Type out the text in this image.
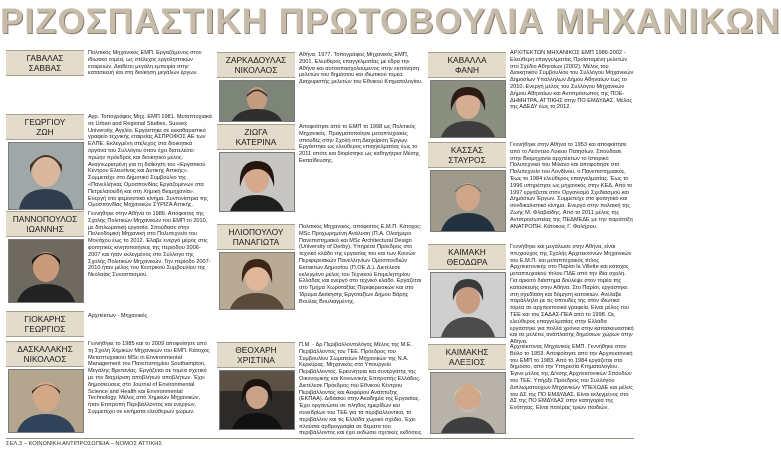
ΡΙΖΟΣΠΑΣΤΙΚΗ ΠΡΩΤΟΒΟΥΛΙΑ ΜΗΧΑΝΙΚΩΝ
ΓΑΒΑΛΑΣ
ΣΑΒΒΑΣ
Πολιτικός Μηχανικός ΕΜΠ. Εργαζόμενος στον ιδιωτικό τομέα, ως στέλεχος εργοληπτικών εταιρειών. Διαθέτει μεγάλη εμπειρία στην κατασκευή και στη διοίκηση μεγάλων έργων.
ΓΕΩΡΓΙΟΥ
ΖΩΗ
Αγρ. Τοπογράφος Μηχ. ΕΜΠ 1981. Μεταπτυχιακά σε Urban and Regional Studies, Sussex University, Αγγλία. Εργάστηκε σε εκκαθαριστικό γραφείο τεχνικής εταιρείας ΑΣΠΡΟΦΟΣ ΑΕ των ΕΛΠΕ. Εκλεγμένη στέλεχος στα διοικητικά όργανα του Συλλόγου όπου έχει διατελέσει: πρώην πρόεδρος και διοικητικό μέλος. Αναγνωρισμένη για τη διοίκηση του «Εργατικού Κέντρου Ελευσίνας και Δυτικής Αττικής». Συμμετείχε στο Δημοτικό Συμβούλιο της «Πανελλήνιας Ομοσπονδίας Εργαζομένων στα Πετρελαιοειδή και στη Χημική Βιομηχανία». Ενεργή στο φεμινιστικό κίνημα. Συντονίστρια της Ομοσπονδίας Μηχανικών ΣΥΡΙΖΑ Αττικής.
ΠΑΝΝΟΠΟΥΛΟΣ
ΙΩΑΝΝΗΣ
Γεννήθηκε στην Αθήνα το 1986. Απόφοιτος της Σχολής Πολιτικών Μηχανικών του ΕΜΠ το 2010, με διπλωματική εργασία. Σπούδασε στην Πολεοδομική Μηχανική στο Πολυτεχνείο του Μονάχου έως το 2012. Έλαβε ενεργό μέρος στις φοιτητικές κινητοποιήσεις της περιόδου 2006-2007 και ήταν εκλεγμένος στο Σύλλογο της Σχολής Πολιτικών Μηχανικών. Την περίοδο 2007-2010 ήταν μέλος του Κεντρικού Συμβουλίου της Νεολαίας Συνασπισμού.
ΓΙΟΚΑΡΗΣ
ΓΕΩΡΓΙΟΣ
Αρχιτέκτων - Μηχανικός
ΔΑΣΚΑΛΑΚΗΣ
ΝΙΚΟΛΑΟΣ
Γεννήθηκε το 1985 και το 2009 αποφοίτησε από τη Σχολή Χημικών Μηχανικών του ΕΜΠ. Κάτοχος Μεταπτυχιακού MSc in Environmental Management του Πανεπιστημίου Southampton, Μεγάλης Βρετανίας. Εργάζεται σε τομέα σχετικό με την διαχείριση αποβλήτων αποβλήτων. Έχει δημοσιεύσεις στο Journal of Environmental Science and Health και Environmental Technology. Μέλος από Χημικών Μηχανικών, ήταν Επιτροπή Περιβάλλοντος και ενεργών. Συμμετέχει σε κινήματα ελεύθερων χώρων.
ΖΑΡΚΑΔΟΥΛΑΣ
ΝΙΚΟΛΑΟΣ
Αθήνα, 1977. Τοπογράφος Μηχανικός ΕΜΠ, 2001. Ελεύθερος επαγγελματίας με έδρα την Αθήνα και αυτοαπασχολούμενος στην εκπόνηση μελετών του δημόσιου και ιδιωτικού τομέα. Διαχειριστής μελετών του Εθνικού Κτηματολογίου.
ΖΙΩΓΑ
ΚΑΤΕΡΙΝΑ
Αποφοίτησε από το ΕΜΠ το 1998 ως Πολιτικός Μηχανικός. Πραγματοποίησε μεταπτυχιακές σπουδές στην Σχολή στη Διαχείριση Έργων. Εργάστηκε ως ελεύθερος επαγγελματίας έως το 2011 οπότε και διορίστηκε ως καθηγήτρια Μέσης Εκπαίδευσης.
ΗΛΙΟΠΟΥΛΟΥ
ΠΑΝΑΓΙΩΤΑ
Πολιτικός Μηχανικός, απόφοιτος Ε.Μ.Π. Κάτοχος: MSc Προχωρημένη Ανάλυση (Π.Α. Ολοήμερο Πανεπιστημιακό και MSc Architectural Design (University of Derby). Υπηρέτει Πρόεδρος στο τεχνικό κλάδο της εργασίας του και των Κοινών Περιφερειακών Πανελληνίων Ομοσπονδιών Εκτακτών Δημοσίου (Π.ΟΕ.Δ.). Διετέλεσε εκλεγμένο μέλος του Τεχνικού Επιμελητηρίου Ελλάδας και ενεργό στο τεχνικό κλάδο. Εργάζεται στο Τμήμα Χωροταξίας Περιφερειακών και στο Ίδρυμα Διοίκησης Εργοταξίων Δήμου Βάρης Βούλας Βουλιαγμένης.
ΘΕΟΧΑΡΗ
ΧΡΙΣΤΙΝΑ
Π.Μ. - Δρ Περιβαλλοντολόγος Μέλος της Μ.Ε. Περιβάλλοντος του ΤΕΕ. Πρόεδρος του Συμβουλίου Σωματείων Μηχανικών της Ν.Α. Κερκύρας. Μηχανικός στο Υπουργείο Περιβάλλοντος. Ερευνήτρια και συνεργάτης της Οικονομικής και Κοινωνικής Επιτροπής Ελλάδος. Διετέλεσε Πρόεδρος του Εθνικού Κέντρου Περιβάλλοντος και Αειφόρου Ανάπτυξης (ΕΚΠΑΑ). Διδάσκει στην Ακαδημία της Εργασίας. Έχει οργανώσει σε πλήθος ημερίδων και συνεδρίων του ΤΕΕ για τα περιβαλλοντικά, το περιβάλλον και τις Ελλάδα χωρικό σχέδιο. Έχει πλούσια αρθρογραφία σε θέματα του περιβάλλοντος και έχει εκδώσει σχετικές εκδόσεις.
ΚΑΒΑΛΛΑ
ΦΑΝΗ
ΑΡΧΙΤΕΚΤΩΝ ΜΗΧΑΝΙΚΟΣ ΕΜΠ 1986-2002 - Ελεύθερη επαγγελματίας Προϊσταμένη μελετών στο Σχέδιο Αθηναίων (2002). Μέλος του Διοικητικού Συμβουλίου του Συλλόγου Μηχανικών Δημοσίων Υπαλλήλων Δήμου Αθηναίων έως το 2010. Ενεργή μέλος του Συλλόγου Μηχανικών Δήμου Αθηναίων και Αντιπρόσωπος της ΠΟΕ-ΔΗΜΗΤΡΑ, ΑΤΤΙΚΗΣ στην ΠΟ ΕΜΔΥΔΑΣ. Μέλος της ΑΔΕΔΥ έως το 2012.
ΚΑΣΣΑΣ
ΣΤΑΥΡΟΣ
Γεννήθηκε στην Αθήνα το 1953 και αποφοίτησε από το Λεόντειο Λύκειο Πατησίων. Σπούδασε στην Βιομηχανία αρχιτέκτων το Ιστορικό Πολυτεχνικό του Μιλάνο και αποφοίτησε στο Πολυτεχνείο του Λονδίνου, ο Πανεπιστημιακός. Έως το 1984 ελεύθερος επαγγελματίας. Έως το 1996 υπηρέτησε ως μηχανικός στην ΚΕΔ. Από το 1997 εργάζεται στον Οργανισμό Σχεδιασμού και Δημόσιων Έργων. Συμμετείχε στο φοιτητικό και συνδικαλιστικό κίνημα. Ενεργό στην πολιτική της Ζωής Μ. Φλαβιάδης. Από το 2011 μέλος της Αντιπροσωπείας της ΠΕΔΜΕΔΕ με την παράταξη ΑΝΑΤΡΟΠΗ. Κάτοικος Γ. Φαλήρου.
ΚΑΙΜΑΚΗ
ΘΕΟΔΩΡΑ
Γεννήθηκε και μεγάλωσε στην Αθήνα, είναι πτυχιούχος της Σχολής Αρχιτεκτόνων Μηχανικών του Ε.Μ.Π. και μεταπτυχιακός τίτλος Αρχιτεκτονικής στο Παρίσι la Villette και κάτοχος μεταπτυχιακού τίτλου ΠΔΕ από την ίδια σχολή. Για αρκετό διάστημα δούλεψε στον τομέα της κατασκευής στην Αθήνα. Στο Παρίσι, εργάστηκε στη σχεδίαση και δόμηση κατοικιών. Ανέλαβε παράλληλα με τις σπουδές της στον ιδιωτικό τομέα σε αρχιτεκτονικά γραφεία. Είναι μέλος του ΤΕΕ και του ΣΑΔΑΣ-ΠΕΑ από το 1998. Ως ελεύθερος επαγγελματίας στην Ελλάδα εργάστηκε για πολλά χρόνια στην κατασκευαστική και σε μελέτες ανάπλασης δημόσιων χώρων στην Αθήνα.
ΚΑΙΜΑΚΗΣ
ΑΛΕΞΙΟΣ
Αρχιτέκτονας Μηχανικός ΕΜΠ. Γεννήθηκε στον Βόλο το 1953. Αποφοίτησε από την Αρχιτεκτονική του ΕΜΠ το 1983. Από το 1984 εργάζεται στο δημόσιο, από την Υπηρεσία Κτηματολογίου. Έγινε μέλος της Δ/νσης Αρχιτεκτονικών Σπουδών του ΤΕΕ. Υπήρξε Πρόεδρος του Συλλόγου Διπλωματούχων Μηχανικών YΠΕΧΩΔΕ και μέλος του ΔΣ της ΠΟ ΕΜΔΥΔΑΣ. Είναι εκλεγμένος στο ΔΣ της ΠΟ ΕΜΔΥΔΑΣ στην κατηγορία της Ενότητας. Είναι πατέρας τριών παιδιών.
ΣΕΛ.3 – ΚΟΙΝΩΝΙΚΗ ΑΝΤΙΠΡΟΣΩΠΕΙΑ – ΝΟΜΟΣ ΑΤΤΙΚΗΣ
